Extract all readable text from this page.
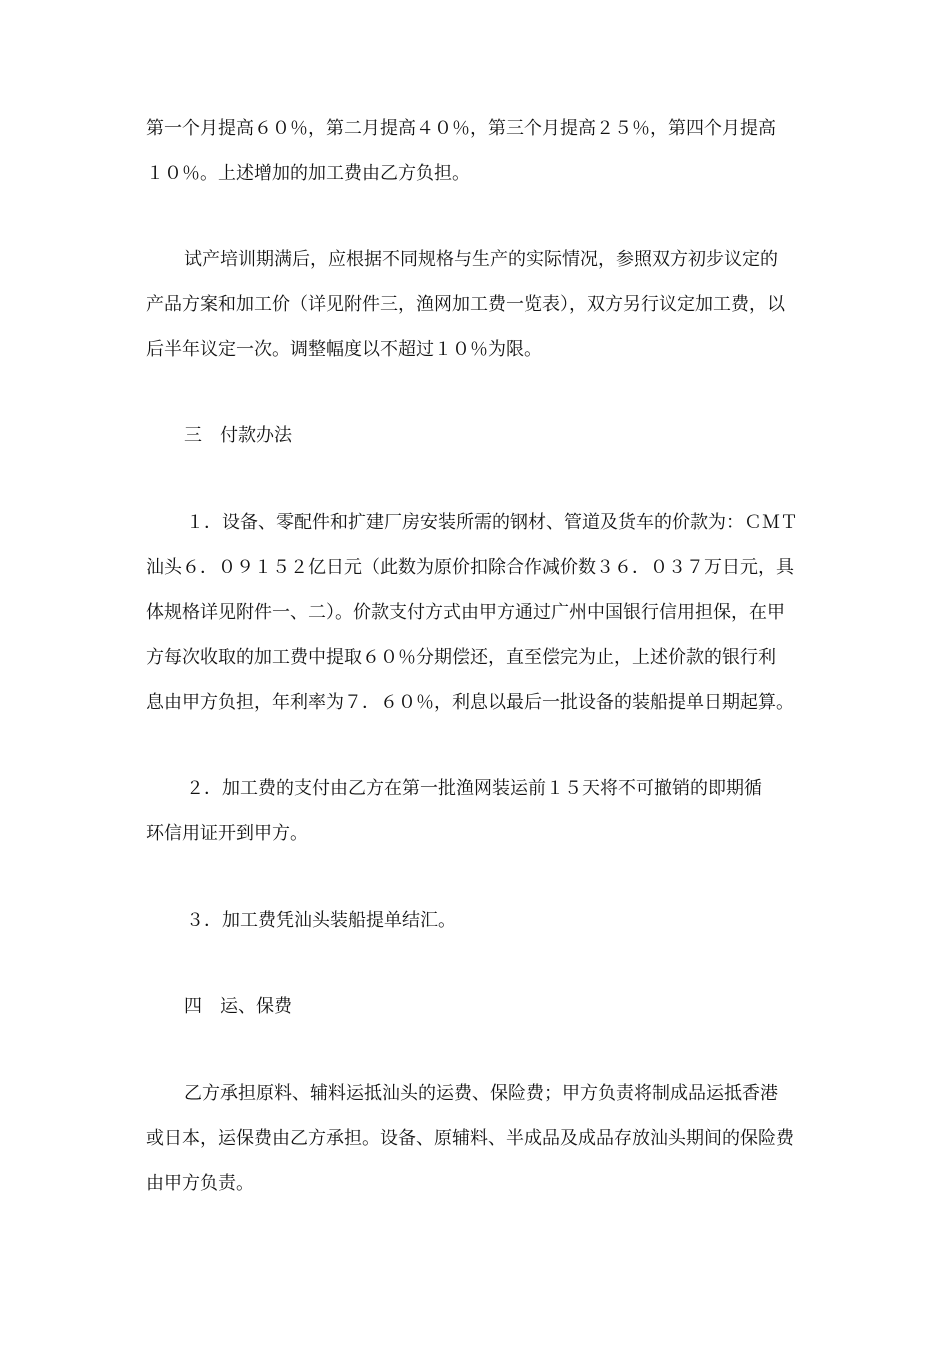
第一个月提高６０％，第二月提高４０％，第三个月提高２５％，第四个月提高
１０％。上述增加的加工费由乙方负担。
试产培训期满后，应根据不同规格与生产的实际情况，参照双方初步议定的
产品方案和加工价（详见附件三，渔网加工费一览表），双方另行议定加工费，以
后半年议定一次。调整幅度以不超过１０％为限。
三　付款办法
１．设备、零配件和扩建厂房安装所需的钢材、管道及货车的价款为：ＣＭＴ
汕头６．０９１５２亿日元（此数为原价扣除合作减价数３６．０３７万日元，具
体规格详见附件一、二）。价款支付方式由甲方通过广州中国银行信用担保，在甲
方每次收取的加工费中提取６０％分期偿还，直至偿完为止，上述价款的银行利
息由甲方负担，年利率为７．６０％，利息以最后一批设备的装船提单日期起算。
２．加工费的支付由乙方在第一批渔网装运前１５天将不可撤销的即期循
环信用证开到甲方。
３．加工费凭汕头装船提单结汇。
四　运、保费
乙方承担原料、辅料运抵汕头的运费、保险费；甲方负责将制成品运抵香港
或日本，运保费由乙方承担。设备、原辅料、半成品及成品存放汕头期间的保险费
由甲方负责。
